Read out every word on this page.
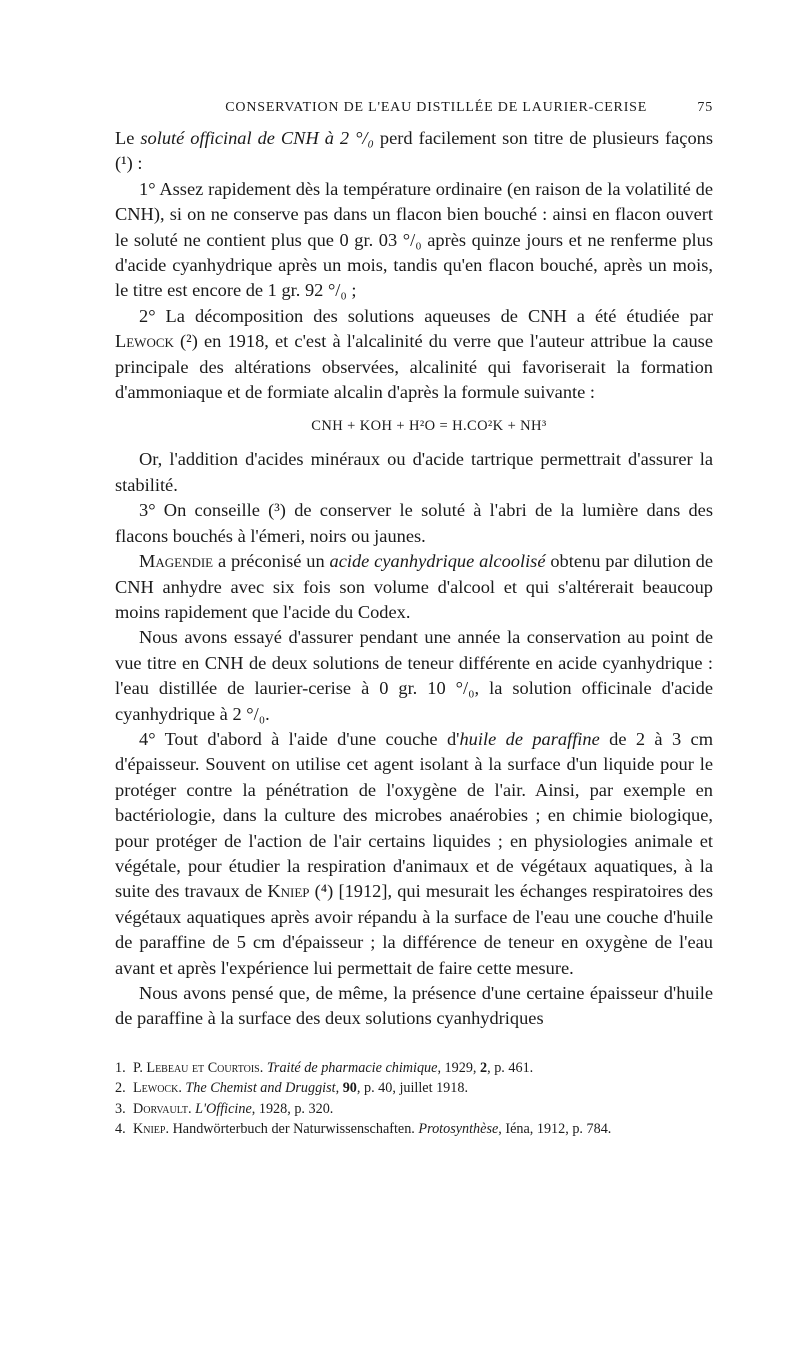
CONSERVATION DE L'EAU DISTILLÉE DE LAURIER-CERISE	75

Le soluté officinal de CNH à 2 °/₀ perd facilement son titre de plusieurs façons (¹) :

1° Assez rapidement dès la température ordinaire (en raison de la volatilité de CNH), si on ne conserve pas dans un flacon bien bouché : ainsi en flacon ouvert le soluté ne contient plus que 0 gr. 03 °/₀ après quinze jours et ne renferme plus d'acide cyanhydrique après un mois, tandis qu'en flacon bouché, après un mois, le titre est encore de 1 gr. 92 °/₀ ;

2° La décomposition des solutions aqueuses de CNH a été étudiée par Lewock (²) en 1918, et c'est à l'alcalinité du verre que l'auteur attribue la cause principale des altérations observées, alcalinité qui favoriserait la formation d'ammoniaque et de formiate alcalin d'après la formule suivante :

CNH + KOH + H²O = H.CO²K + NH³

Or, l'addition d'acides minéraux ou d'acide tartrique permettrait d'assurer la stabilité.

3° On conseille (³) de conserver le soluté à l'abri de la lumière dans des flacons bouchés à l'émeri, noirs ou jaunes.

Magendie a préconisé un acide cyanhydrique alcoolisé obtenu par dilution de CNH anhydre avec six fois son volume d'alcool et qui s'altérerait beaucoup moins rapidement que l'acide du Codex.

Nous avons essayé d'assurer pendant une année la conservation au point de vue titre en CNH de deux solutions de teneur différente en acide cyanhydrique : l'eau distillée de laurier-cerise à 0 gr. 10 °/₀, la solution officinale d'acide cyanhydrique à 2 °/₀.

4° Tout d'abord à l'aide d'une couche d'huile de paraffine de 2 à 3 cm d'épaisseur. Souvent on utilise cet agent isolant à la surface d'un liquide pour le protéger contre la pénétration de l'oxygène de l'air. Ainsi, par exemple en bactériologie, dans la culture des microbes anaérobies ; en chimie biologique, pour protéger de l'action de l'air certains liquides ; en physiologies animale et végétale, pour étudier la respiration d'animaux et de végétaux aquatiques, à la suite des travaux de Kniep (⁴) [1912], qui mesurait les échanges respiratoires des végétaux aquatiques après avoir répandu à la surface de l'eau une couche d'huile de paraffine de 5 cm d'épaisseur ; la différence de teneur en oxygène de l'eau avant et après l'expérience lui permettait de faire cette mesure.

Nous avons pensé que, de même, la présence d'une certaine épaisseur d'huile de paraffine à la surface des deux solutions cyanhydriques

1. P. Lebeau et Courtois. Traité de pharmacie chimique, 1929, 2, p. 461.

2. Lewock. The Chemist and Druggist, 90, p. 40, juillet 1918.

3. Dorvault. L'Officine, 1928, p. 320.

4. Kniep. Handwörterbuch der Naturwissenschaften. Protosynthèse, Iéna, 1912, p. 784.
